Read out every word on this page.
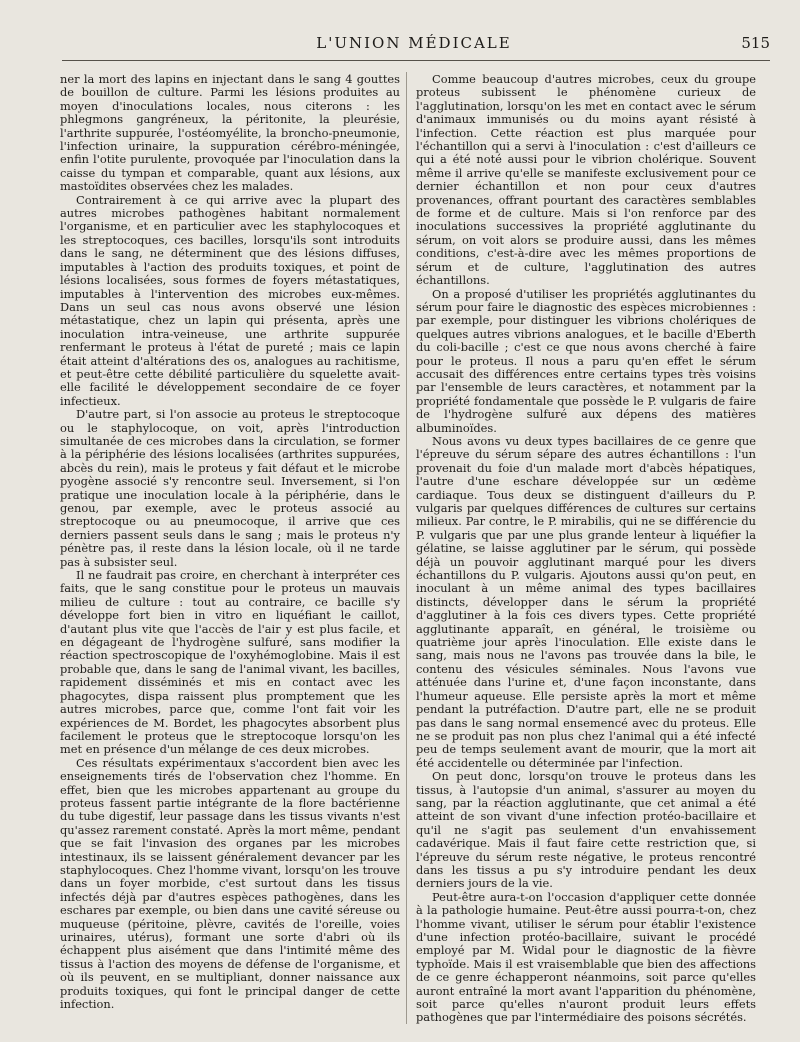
L'UNION MÉDICALE	515

ner la mort des lapins en injectant dans le sang 4 gouttes de bouillon de culture. Parmi les lésions produites au moyen d'inoculations locales, nous citerons : les phlegmons gangréneux, la péritonite, la pleurésie, l'arthrite suppurée, l'ostéomyélite, la broncho-pneumonie, l'infection urinaire, la suppuration cérébro-méningée, enfin l'otite purulente, provoquée par l'inoculation dans la caisse du tympan et comparable, quant aux lésions, aux mastoïdites observées chez les malades.

Contrairement à ce qui arrive avec la plupart des autres microbes pathogènes habitant normalement l'organisme, et en particulier avec les staphylocoques et les streptocoques, ces bacilles, lorsqu'ils sont introduits dans le sang, ne déterminent que des lésions diffuses, imputables à l'action des produits toxiques, et point de lésions localisées, sous formes de foyers métastatiques, imputables à l'intervention des microbes eux-mêmes. Dans un seul cas nous avons observé une lésion métastatique, chez un lapin qui présenta, après une inoculation intra-veineuse, une arthrite suppurée renfermant le proteus à l'état de pureté ; mais ce lapin était atteint d'altérations des os, analogues au rachitisme, et peut-être cette débilité particulière du squelette avait-elle facilité le développement secondaire de ce foyer infectieux.

D'autre part, si l'on associe au proteus le streptocoque ou le staphylocoque, on voit, après l'introduction simultanée de ces microbes dans la circulation, se former à la périphérie des lésions localisées (arthrites suppurées, abcès du rein), mais le proteus y fait défaut et le microbe pyogène associé s'y rencontre seul. Inversement, si l'on pratique une inoculation locale à la périphérie, dans le genou, par exemple, avec le proteus associé au streptocoque ou au pneumocoque, il arrive que ces derniers passent seuls dans le sang ; mais le proteus n'y pénètre pas, il reste dans la lésion locale, où il ne tarde pas à subsister seul.

Il ne faudrait pas croire, en cherchant à interpréter ces faits, que le sang constitue pour le proteus un mauvais milieu de culture : tout au contraire, ce bacille s'y développe fort bien in vitro en liquéfiant le caillot, d'autant plus vite que l'accès de l'air y est plus facile, et en dégageant de l'hydrogène sulfuré, sans modifier la réaction spectroscopique de l'oxyhémoglobine. Mais il est probable que, dans le sang de l'animal vivant, les bacilles, rapidement disséminés et mis en contact avec les phagocytes, dispa raissent plus promptement que les autres microbes, parce que, comme l'ont fait voir les expériences de M. Bordet, les phagocytes absorbent plus facilement le proteus que le streptocoque lorsqu'on les met en présence d'un mélange de ces deux microbes.

Ces résultats expérimentaux s'accordent bien avec les enseignements tirés de l'observation chez l'homme. En effet, bien que les microbes appartenant au groupe du proteus fassent partie intégrante de la flore bactérienne du tube digestif, leur passage dans les tissus vivants n'est qu'assez rarement constaté. Après la mort même, pendant que se fait l'invasion des organes par les microbes intestinaux, ils se laissent généralement devancer par les staphylocoques. Chez l'homme vivant, lorsqu'on les trouve dans un foyer morbide, c'est surtout dans les tissus infectés déjà par d'autres espèces pathogènes, dans les eschares par exemple, ou bien dans une cavité séreuse ou muqueuse (péritoine, plèvre, cavités de l'oreille, voies urinaires, utérus), formant une sorte d'abri où ils échappent plus aisément que dans l'intimité même des tissus à l'action des moyens de défense de l'organisme, et où ils peuvent, en se multipliant, donner naissance aux produits toxiques, qui font le principal danger de cette infection.

Comme beaucoup d'autres microbes, ceux du groupe proteus subissent le phénomène curieux de l'agglutination, lorsqu'on les met en contact avec le sérum d'animaux immunisés ou du moins ayant résisté à l'infection. Cette réaction est plus marquée pour l'échantillon qui a servi à l'inoculation : c'est d'ailleurs ce qui a été noté aussi pour le vibrion cholérique. Souvent même il arrive qu'elle se manifeste exclusivement pour ce dernier échantillon et non pour ceux d'autres provenances, offrant pourtant des caractères semblables de forme et de culture. Mais si l'on renforce par des inoculations successives la propriété agglutinante du sérum, on voit alors se produire aussi, dans les mêmes conditions, c'est-à-dire avec les mêmes proportions de sérum et de culture, l'agglutination des autres échantillons.

On a proposé d'utiliser les propriétés agglutinantes du sérum pour faire le diagnostic des espèces microbiennes : par exemple, pour distinguer les vibrions cholériques de quelques autres vibrions analogues, et le bacille d'Eberth du coli-bacille ; c'est ce que nous avons cherché à faire pour le proteus. Il nous a paru qu'en effet le sérum accusait des différences entre certains types très voisins par l'ensemble de leurs caractères, et notamment par la propriété fondamentale que possède le P. vulgaris de faire de l'hydrogène sulfuré aux dépens des matières albuminoïdes.

Nous avons vu deux types bacillaires de ce genre que l'épreuve du sérum sépare des autres échantillons : l'un provenait du foie d'un malade mort d'abcès hépatiques, l'autre d'une eschare développée sur un œdème cardiaque. Tous deux se distinguent d'ailleurs du P. vulgaris par quelques différences de cultures sur certains milieux. Par contre, le P. mirabilis, qui ne se différencie du P. vulgaris que par une plus grande lenteur à liquéfier la gélatine, se laisse agglutiner par le sérum, qui possède déjà un pouvoir agglutinant marqué pour les divers échantillons du P. vulgaris. Ajoutons aussi qu'on peut, en inoculant à un même animal des types bacillaires distincts, développer dans le sérum la propriété d'agglutiner à la fois ces divers types. Cette propriété agglutinante apparaît, en général, le troisième ou quatrième jour après l'inoculation. Elle existe dans le sang, mais nous ne l'avons pas trouvée dans la bile, le contenu des vésicules séminales. Nous l'avons vue atténuée dans l'urine et, d'une façon inconstante, dans l'humeur aqueuse. Elle persiste après la mort et même pendant la putréfaction. D'autre part, elle ne se produit pas dans le sang normal ensemencé avec du proteus. Elle ne se produit pas non plus chez l'animal qui a été infecté peu de temps seulement avant de mourir, que la mort ait été accidentelle ou déterminée par l'infection.

On peut donc, lorsqu'on trouve le proteus dans les tissus, à l'autopsie d'un animal, s'assurer au moyen du sang, par la réaction agglutinante, que cet animal a été atteint de son vivant d'une infection protéo-bacillaire et qu'il ne s'agit pas seulement d'un envahissement cadavérique. Mais il faut faire cette restriction que, si l'épreuve du sérum reste négative, le proteus rencontré dans les tissus a pu s'y introduire pendant les deux derniers jours de la vie.

Peut-être aura-t-on l'occasion d'appliquer cette donnée à la pathologie humaine. Peut-être aussi pourra-t-on, chez l'homme vivant, utiliser le sérum pour établir l'existence d'une infection protéo-bacillaire, suivant le procédé employé par M. Widal pour le diagnostic de la fièvre typhoïde. Mais il est vraisemblable que bien des affections de ce genre échapperont néanmoins, soit parce qu'elles auront entraîné la mort avant l'apparition du phénomène, soit parce qu'elles n'auront produit leurs effets pathogènes que par l'intermédiaire des poisons sécrétés.
